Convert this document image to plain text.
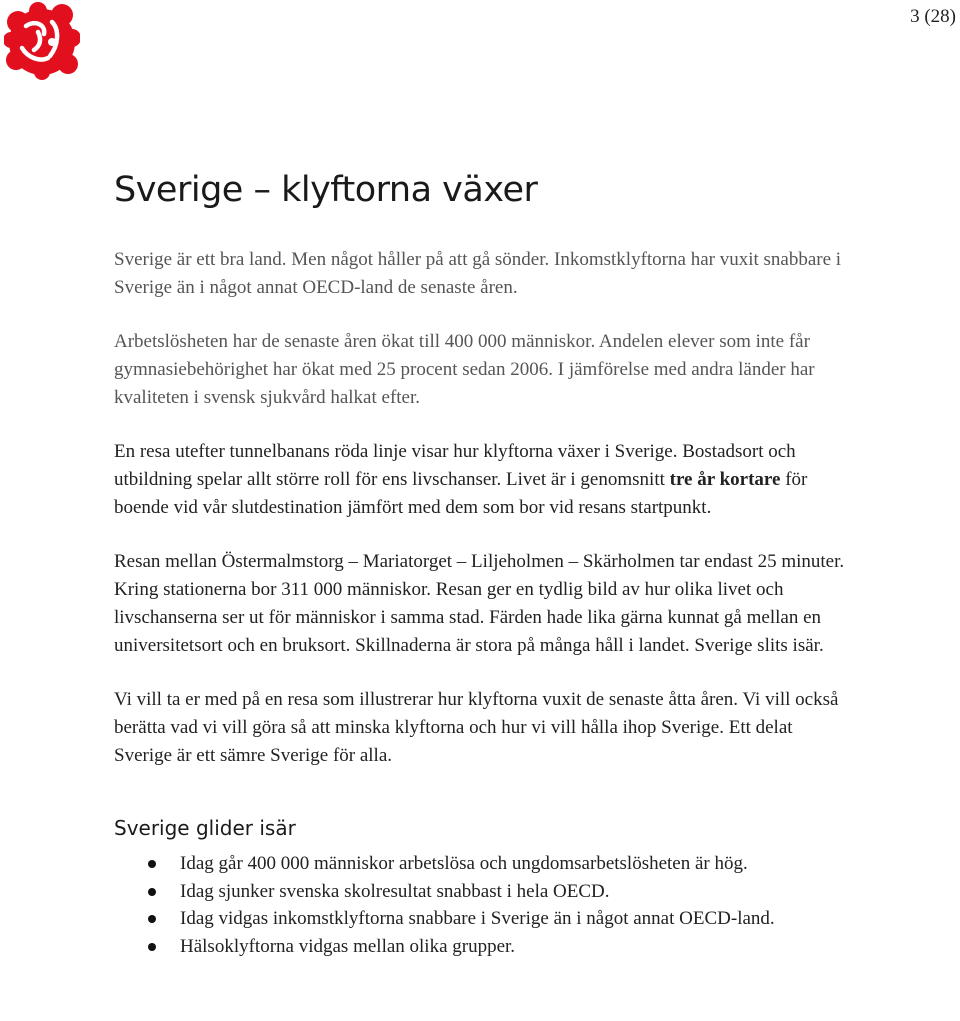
3 (28)
Sverige – klyftorna växer

Sverige är ett bra land. Men något håller på att gå sönder. Inkomstklyftorna har vuxit snabbare i Sverige än i något annat OECD-land de senaste åren.

Arbetslösheten har de senaste åren ökat till 400 000 människor. Andelen elever som inte får gymnasiebehörighet har ökat med 25 procent sedan 2006. I jämförelse med andra länder har kvaliteten i svensk sjukvård halkat efter.

En resa utefter tunnelbanans röda linje visar hur klyftorna växer i Sverige. Bostadsort och utbildning spelar allt större roll för ens livschanser. Livet är i genomsnitt tre år kortare för boende vid vår slutdestination jämfört med dem som bor vid resans startpunkt.

Resan mellan Östermalmstorg – Mariatorget – Liljeholmen – Skärholmen tar endast 25 minuter. Kring stationerna bor 311 000 människor. Resan ger en tydlig bild av hur olika livet och livschanserna ser ut för människor i samma stad. Färden hade lika gärna kunnat gå mellan en universitetsort och en bruksort. Skillnaderna är stora på många håll i landet. Sverige slits isär.

Vi vill ta er med på en resa som illustrerar hur klyftorna vuxit de senaste åtta åren. Vi vill också berätta vad vi vill göra så att minska klyftorna och hur vi vill hålla ihop Sverige. Ett delat Sverige är ett sämre Sverige för alla.

Sverige glider isär
Idag går 400 000 människor arbetslösa och ungdomsarbetslösheten är hög.
Idag sjunker svenska skolresultat snabbast i hela OECD.
Idag vidgas inkomstklyftorna snabbare i Sverige än i något annat OECD-land.
Hälsoklyftorna vidgas mellan olika grupper.
